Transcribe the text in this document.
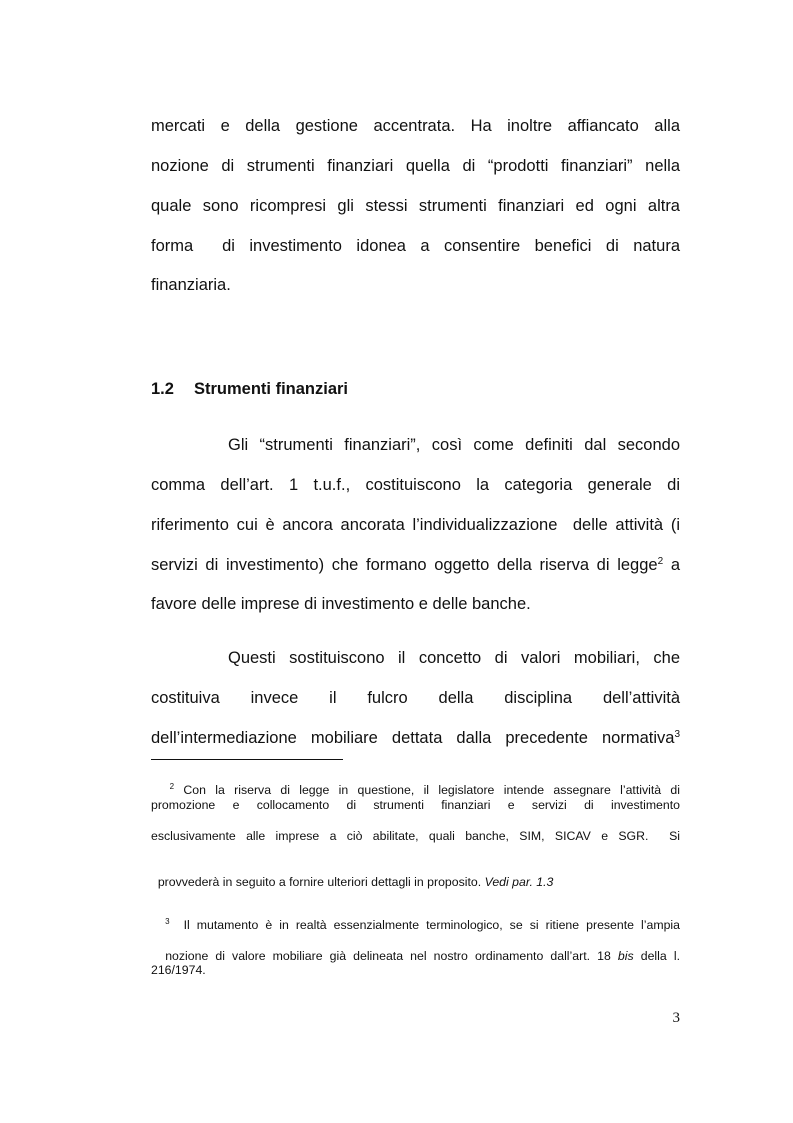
mercati e della gestione accentrata. Ha inoltre affiancato alla
nozione di strumenti finanziari quella di “prodotti finanziari” nella
quale sono ricompresi gli stessi strumenti finanziari ed ogni altra
forma  di investimento idonea a consentire benefici di natura
finanziaria.
1.2 Strumenti finanziari
Gli “strumenti finanziari”, così come definiti dal secondo
comma dell’art. 1 t.u.f., costituiscono la categoria generale di
riferimento cui è ancora ancorata l’individualizzazione  delle attività (i
servizi di investimento) che formano oggetto della riserva di legge$^2$ a
favore delle imprese di investimento e delle banche.
Questi sostituiscono il concetto di valori mobiliari, che
costituiva invece il fulcro della disciplina dell’attività
dell’intermediazione mobiliare dettata dalla precedente normativa$^3$

$^2$ Con la riserva di legge in questione, il legislatore intende assegnare l’attività di

promozione e collocamento di strumenti finanziari e servizi di investimento
esclusivamente alle imprese a ciò abilitate, quali banche, SIM, SICAV e SGR.  Si

provvederà in seguito a fornire ulteriori dettagli in proposito. Vedi par. 1.3

$^3$  Il mutamento è in realtà essenzialmente terminologico, se si ritiene presente l’ampia

nozione di valore mobiliare già delineata nel nostro ordinamento dall’art. 18 bis della l.

216/1974.
3
